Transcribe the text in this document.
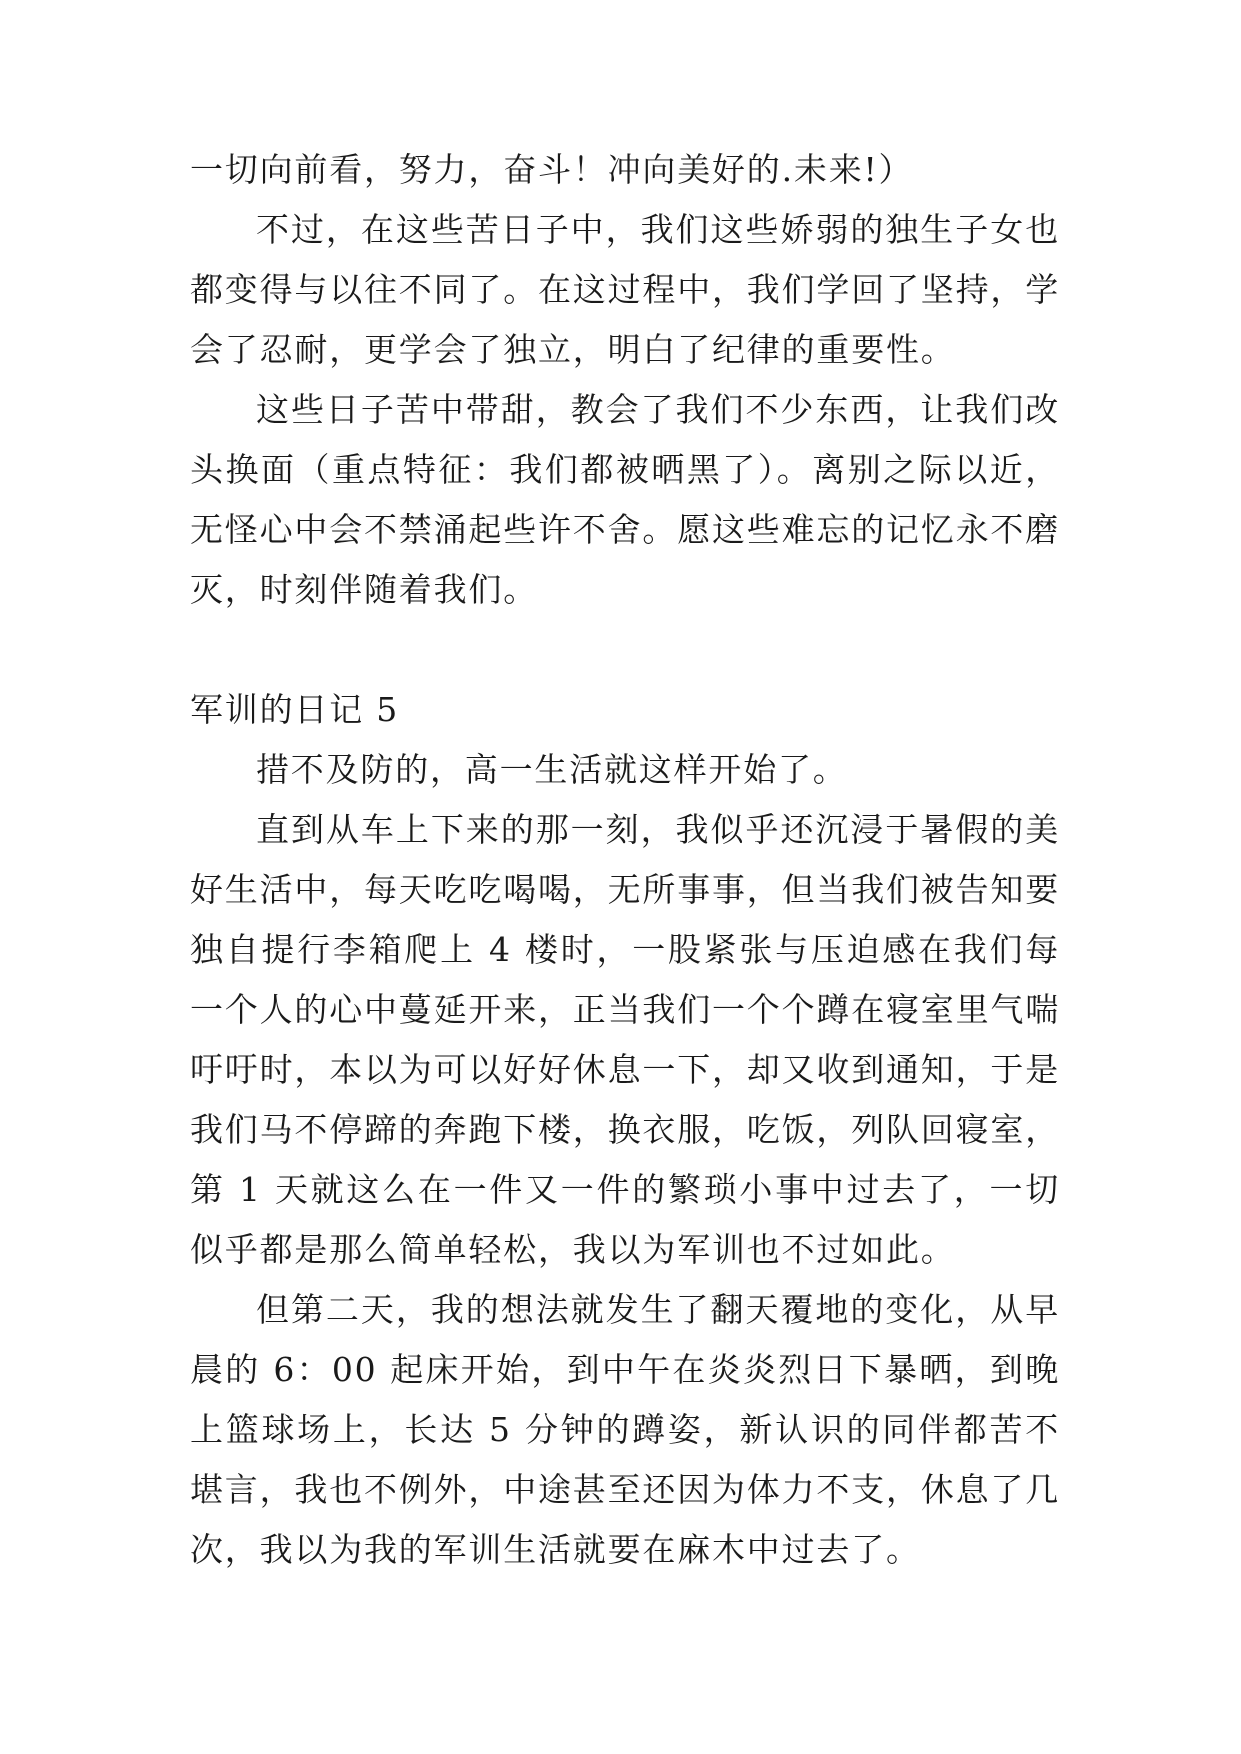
一切向前看，努力，奋斗！冲向美好的.未来!）

不过，在这些苦日子中，我们这些娇弱的独生子女也都变得与以往不同了。在这过程中，我们学回了坚持，学会了忍耐，更学会了独立，明白了纪律的重要性。

这些日子苦中带甜，教会了我们不少东西，让我们改头换面（重点特征：我们都被晒黑了）。离别之际以近，无怪心中会不禁涌起些许不舍。愿这些难忘的记忆永不磨灭，时刻伴随着我们。

军训的日记 5

措不及防的，高一生活就这样开始了。

直到从车上下来的那一刻，我似乎还沉浸于暑假的美好生活中，每天吃吃喝喝，无所事事，但当我们被告知要独自提行李箱爬上 4 楼时，一股紧张与压迫感在我们每一个人的心中蔓延开来，正当我们一个个蹲在寝室里气喘吁吁时，本以为可以好好休息一下，却又收到通知，于是我们马不停蹄的奔跑下楼，换衣服，吃饭，列队回寝室，第 1 天就这么在一件又一件的繁琐小事中过去了，一切似乎都是那么简单轻松，我以为军训也不过如此。

但第二天，我的想法就发生了翻天覆地的变化，从早晨的 6：00 起床开始，到中午在炎炎烈日下暴晒，到晚上篮球场上，长达 5 分钟的蹲姿，新认识的同伴都苦不堪言，我也不例外，中途甚至还因为体力不支，休息了几次，我以为我的军训生活就要在麻木中过去了。
